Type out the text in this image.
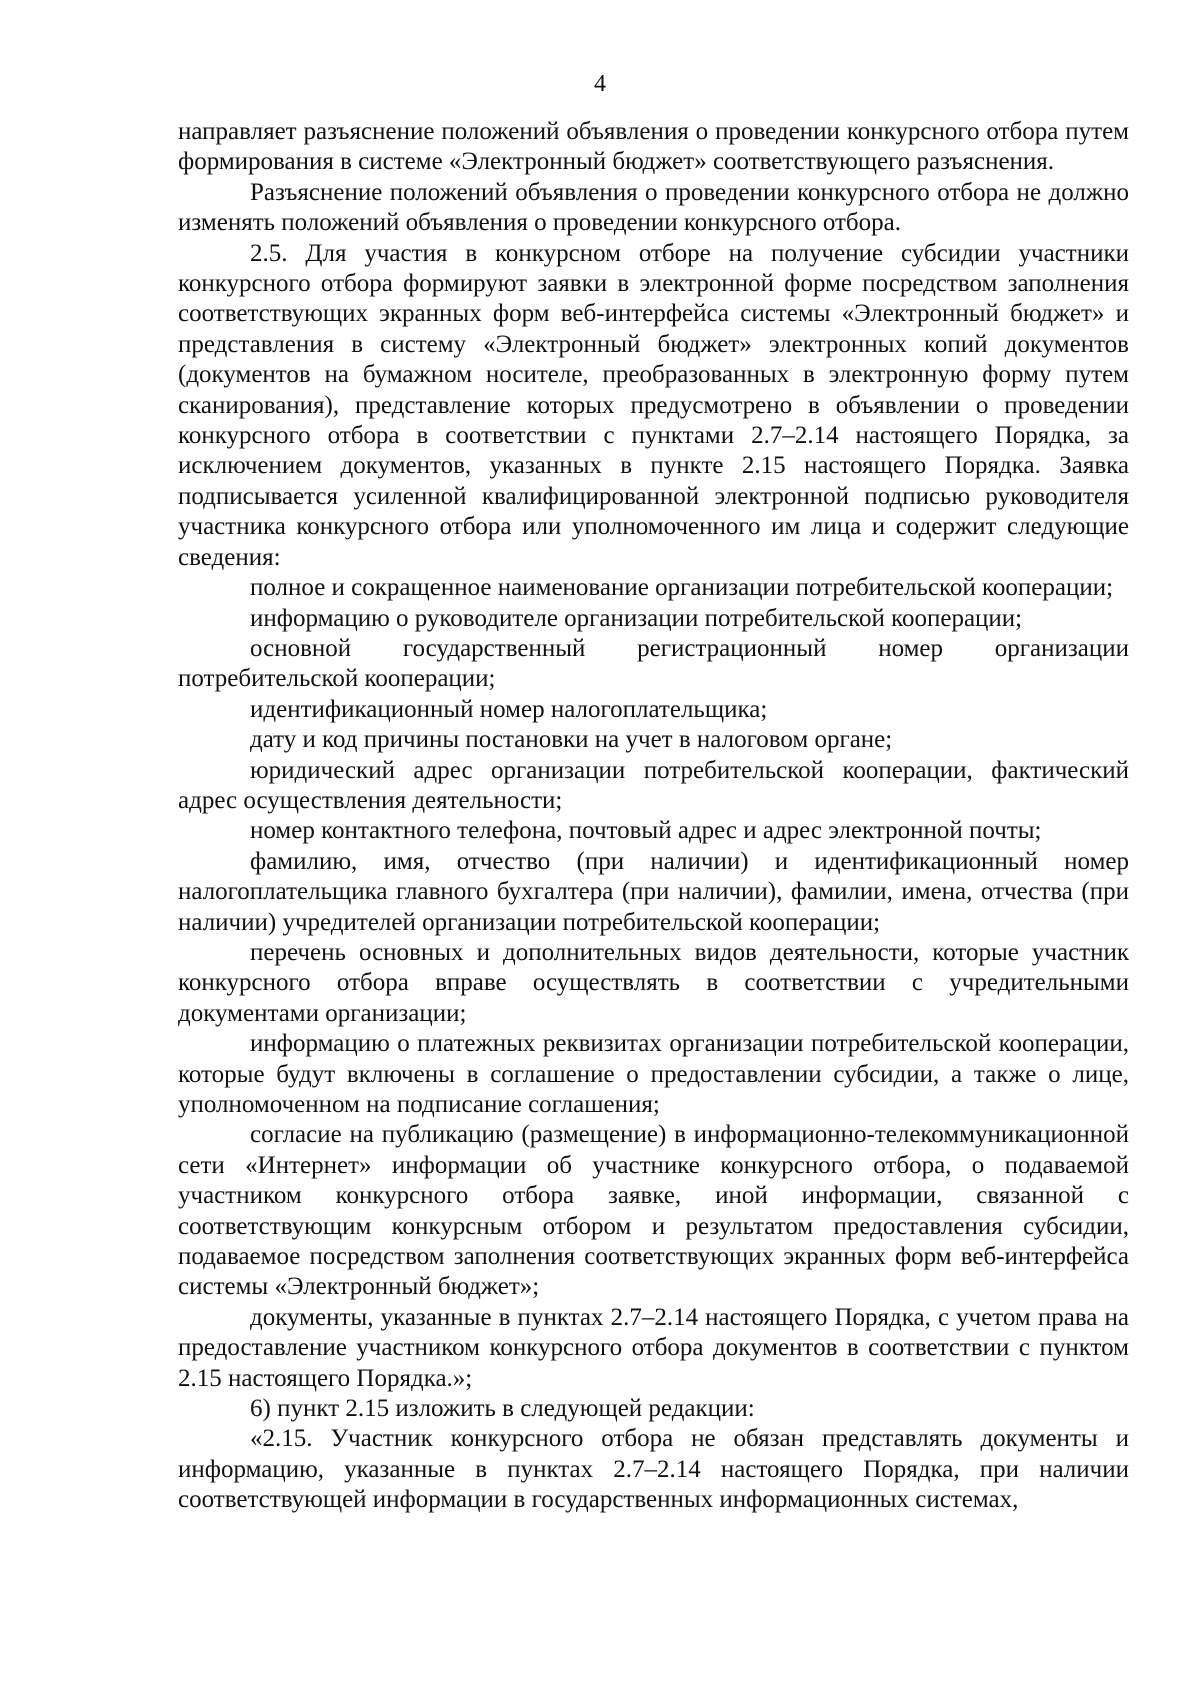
4

направляет разъяснение положений объявления о проведении конкурсного отбора путем формирования в системе «Электронный бюджет» соответствующего разъяснения.

Разъяснение положений объявления о проведении конкурсного отбора не должно изменять положений объявления о проведении конкурсного отбора.

2.5. Для участия в конкурсном отборе на получение субсидии участники конкурсного отбора формируют заявки в электронной форме посредством заполнения соответствующих экранных форм веб-интерфейса системы «Электронный бюджет» и представления в систему «Электронный бюджет» электронных копий документов (документов на бумажном носителе, преобразованных в электронную форму путем сканирования), представление которых предусмотрено в объявлении о проведении конкурсного отбора в соответствии с пунктами 2.7–2.14 настоящего Порядка, за исключением документов, указанных в пункте 2.15 настоящего Порядка. Заявка подписывается усиленной квалифицированной электронной подписью руководителя участника конкурсного отбора или уполномоченного им лица и содержит следующие сведения:

полное и сокращенное наименование организации потребительской кооперации;

информацию о руководителе организации потребительской кооперации;

основной государственный регистрационный номер организации потребительской кооперации;

идентификационный номер налогоплательщика;

дату и код причины постановки на учет в налоговом органе;

юридический адрес организации потребительской кооперации, фактический адрес осуществления деятельности;

номер контактного телефона, почтовый адрес и адрес электронной почты;

фамилию, имя, отчество (при наличии) и идентификационный номер налогоплательщика главного бухгалтера (при наличии), фамилии, имена, отчества (при наличии) учредителей организации потребительской кооперации;

перечень основных и дополнительных видов деятельности, которые участник конкурсного отбора вправе осуществлять в соответствии с учредительными документами организации;

информацию о платежных реквизитах организации потребительской кооперации, которые будут включены в соглашение о предоставлении субсидии, а также о лице, уполномоченном на подписание соглашения;

согласие на публикацию (размещение) в информационно-телекоммуникационной сети «Интернет» информации об участнике конкурсного отбора, о подаваемой участником конкурсного отбора заявке, иной информации, связанной с соответствующим конкурсным отбором и результатом предоставления субсидии, подаваемое посредством заполнения соответствующих экранных форм веб-интерфейса системы «Электронный бюджет»;

документы, указанные в пунктах 2.7–2.14 настоящего Порядка, с учетом права на предоставление участником конкурсного отбора документов в соответствии с пунктом 2.15 настоящего Порядка.»;

6) пункт 2.15 изложить в следующей редакции:

«2.15. Участник конкурсного отбора не обязан представлять документы и информацию, указанные в пунктах 2.7–2.14 настоящего Порядка, при наличии соответствующей информации в государственных информационных системах,
